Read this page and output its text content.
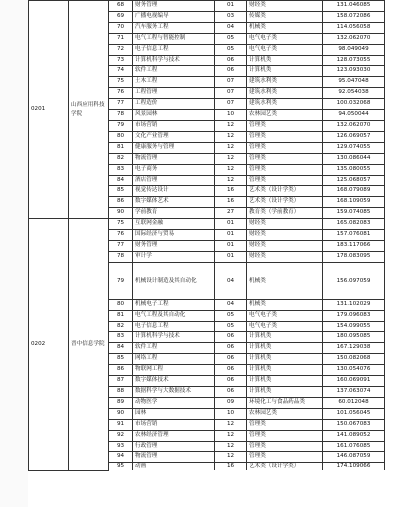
0201	山西应用科技学院	68	财务管理	01	财经类	131.046085
		69	广播电视编导	03	传媒类	158.072086
		70	汽车服务工程	04	机械类	114.056058
		71	电气工程与智能控制	05	电气电子类	132.062070
		72	电子信息工程	05	电气电子类	98.049049
		73	计算机科学与技术	06	计算机类	128.073055
		74	软件工程	06	计算机类	123.093030
		75	土木工程	07	建筑水利类	95.047048
		76	工程管理	07	建筑水利类	92.054038
		77	工程造价	07	建筑水利类	100.032068
		78	风景园林	10	农林园艺类	94.050044
		79	市场营销	12	管理类	132.062070
		80	文化产业管理	12	管理类	126.069057
		81	健康服务与管理	12	管理类	129.074055
		82	物流管理	12	管理类	130.086044
		83	电子商务	12	管理类	135.080055
		84	酒店管理	12	管理类	125.068057
		85	视觉传达设计	16	艺术类（设计学类）	168.079089
		86	数字媒体艺术	16	艺术类（设计学类）	168.109059
		90	学前教育	27	教育类（学前教育）	159.074085
0202	晋中信息学院	75	互联网金融	01	财经类	165.082083
		76	国际经济与贸易	01	财经类	157.076081
		77	财务管理	01	财经类	183.117066
		78	审计学	01	财经类	178.083095
		79	机械设计制造及其自动化	04	机械类	156.097059
		80	机械电子工程	04	机械类	131.102029
		81	电气工程及其自动化	05	电气电子类	179.096083
		82	电子信息工程	05	电气电子类	154.099055
		83	计算机科学与技术	06	计算机类	180.095085
		84	软件工程	06	计算机类	167.129038
		85	网络工程	06	计算机类	150.082068
		86	物联网工程	06	计算机类	130.054076
		87	数字媒体技术	06	计算机类	160.069091
		88	数据科学与大数据技术	06	计算机类	137.063074
		89	动物医学	09	环境化工与食品药品类	60.012048
		90	园林	10	农林园艺类	101.056045
		91	市场营销	12	管理类	150.067083
		92	农林经济管理	12	管理类	141.089052
		93	行政管理	12	管理类	161.076085
		94	物流管理	12	管理类	146.087059
		95	动画	16	艺术类（设计学类）	174.109066
